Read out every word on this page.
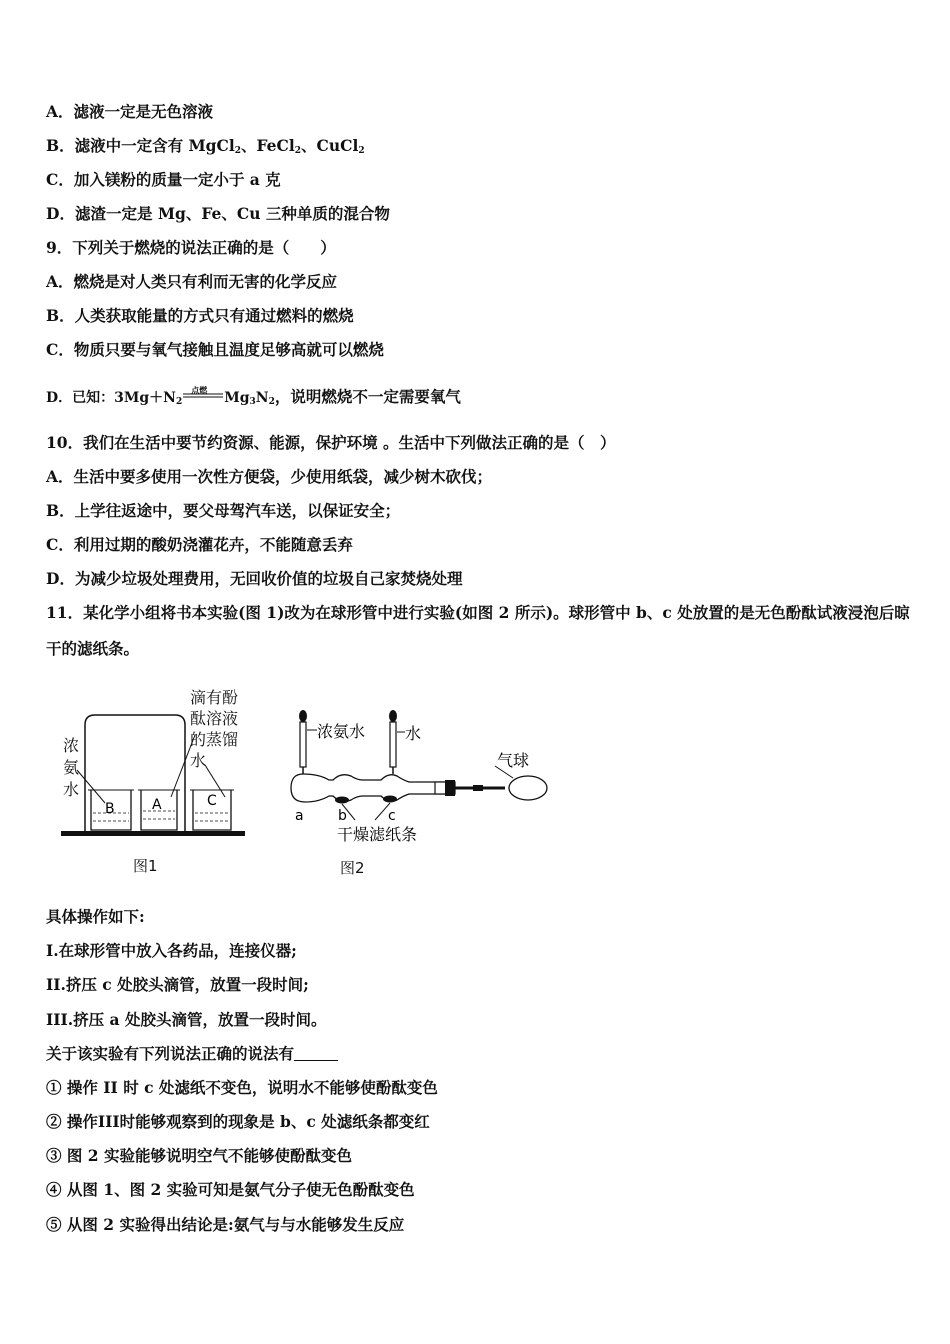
A．滤液一定是无色溶液
B．滤液中一定含有 MgCl$_2$、FeCl$_2$、CuCl$_2$
C．加入镁粉的质量一定小于 a 克
D．滤渣一定是 Mg、Fe、Cu 三种单质的混合物
9．下列关于燃烧的说法正确的是（　　）
A．燃烧是对人类只有利而无害的化学反应
B．人类获取能量的方式只有通过燃料的燃烧
C．物质只要与氧气接触且温度足够高就可以燃烧
D．已知：$3Mg+N_2$
点燃 $Mg_3N_2$，说明燃烧不一定需要氧气
10．我们在生活中要节约资源、能源，保护环境 。生活中下列做法正确的是（　）
A．生活中要多使用一次性方便袋，少使用纸袋，减少树木砍伐；
B．上学往返途中，要父母驾汽车送，以保证安全；
C．利用过期的酸奶浇灌花卉，不能随意丢弃
D．为减少垃圾处理费用，无回收价值的垃圾自己家焚烧处理
11．某化学小组将书本实验(图 1)改为在球形管中进行实验(如图 2 所示)。球形管中 b、c 处放置的是无色酚酞试液浸泡后晾干的滤纸条。
B	A	C
浓
氨
水
滴有酚
酞溶液
的蒸馏
水
图1
浓氨水 水
气球
a b	c
干燥滤纸条
图2
具体操作如下:
I.在球形管中放入各药品，连接仪器;
II.挤压 c 处胶头滴管，放置一段时间;
III.挤压 a 处胶头滴管，放置一段时间。
关于该实验有下列说法正确的说法有
① 操作 II 时 c 处滤纸不变色，说明水不能够使酚酞变色
② 操作III时能够观察到的现象是 b、c 处滤纸条都变红
③ 图 2 实验能够说明空气不能够使酚酞变色
④ 从图 1、图 2 实验可知是氨气分子使无色酚酞变色
⑤ 从图 2 实验得出结论是:氨气与与水能够发生反应
